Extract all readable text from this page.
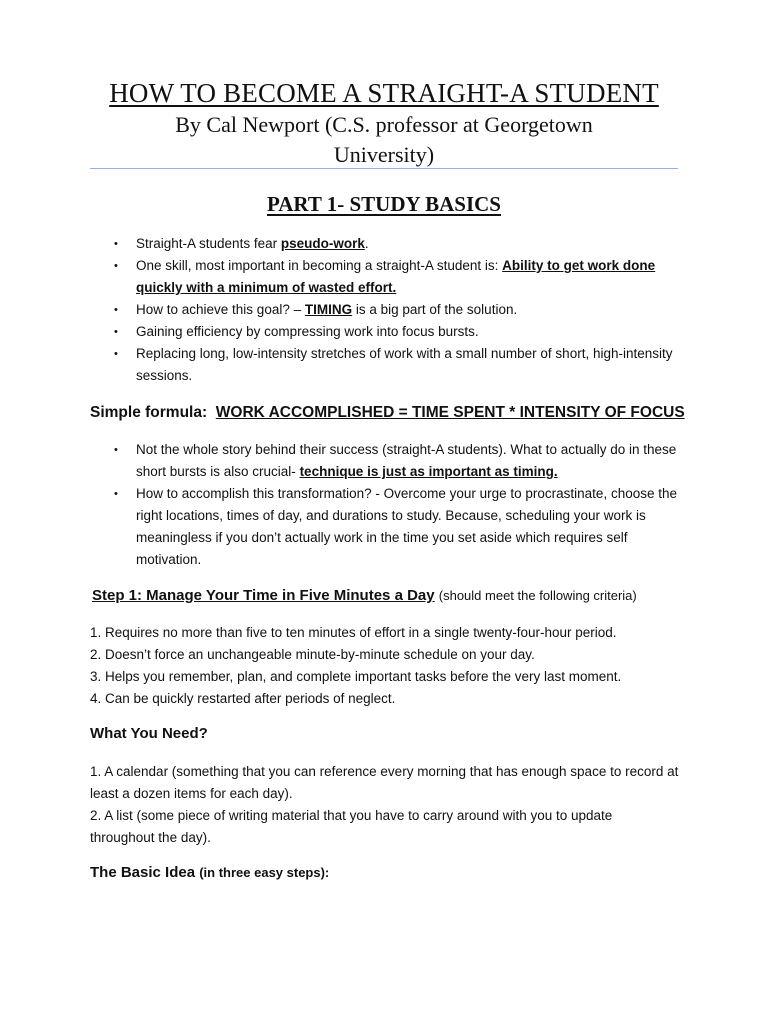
HOW TO BECOME A STRAIGHT-A STUDENT
By Cal Newport (C.S. professor at Georgetown University)
PART 1- STUDY BASICS
• Straight-A students fear pseudo-work.
• One skill, most important in becoming a straight-A student is: Ability to get work done quickly with a minimum of wasted effort.
• How to achieve this goal? – TIMING is a big part of the solution.
• Gaining efficiency by compressing work into focus bursts.
• Replacing long, low-intensity stretches of work with a small number of short, high-intensity sessions.
Simple formula: WORK ACCOMPLISHED = TIME SPENT * INTENSITY OF FOCUS
• Not the whole story behind their success (straight-A students). What to actually do in these short bursts is also crucial- technique is just as important as timing.
• How to accomplish this transformation? - Overcome your urge to procrastinate, choose the right locations, times of day, and durations to study. Because, scheduling your work is meaningless if you don’t actually work in the time you set aside which requires self motivation.
Step 1: Manage Your Time in Five Minutes a Day (should meet the following criteria)
1. Requires no more than five to ten minutes of effort in a single twenty-four-hour period.
2. Doesn’t force an unchangeable minute-by-minute schedule on your day.
3. Helps you remember, plan, and complete important tasks before the very last moment.
4. Can be quickly restarted after periods of neglect.
What You Need?
1. A calendar (something that you can reference every morning that has enough space to record at least a dozen items for each day).
2. A list (some piece of writing material that you have to carry around with you to update throughout the day).
The Basic Idea (in three easy steps):
